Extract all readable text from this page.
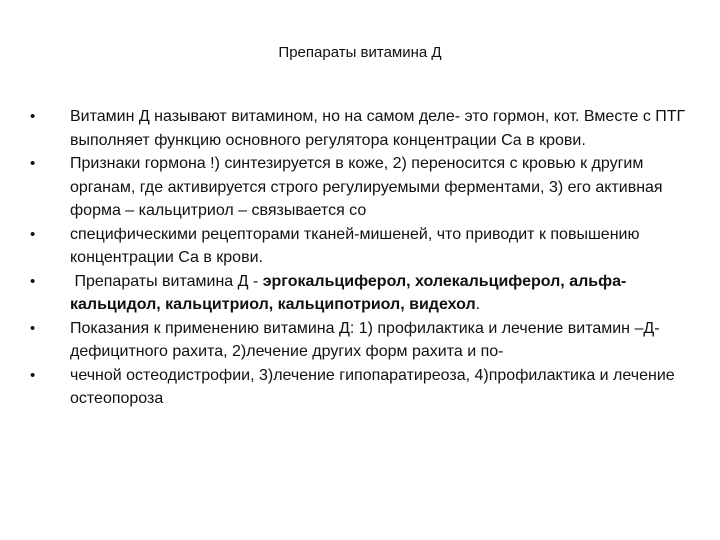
Препараты витамина Д
•	Витамин Д называют витамином, но на самом деле- это гормон, кот. Вместе с ПТГ выполняет функцию основного регулятора концентрации Са в крови.
•	Признаки гормона !) синтезируется в коже, 2) переносится с кровью к другим органам, где активируется строго регулируемыми ферментами, 3) его активная форма – кальцитриол – связывается со
•	специфическими рецепторами тканей-мишеней, что приводит к повышению концентрации Са в крови.
•	Препараты витамина Д - эргокальциферол, холекальциферол, альфа-кальцидол, кальцитриол, кальципотриол, видехол.
•	Показания к применению витамина Д: 1) профилактика и лечение витамин –Д-дефицитного рахита, 2)лечение других форм рахита и по-
•	чечной остеодистрофии, 3)лечение гипопаратиреоза, 4)профилактика и лечение остеопороза
